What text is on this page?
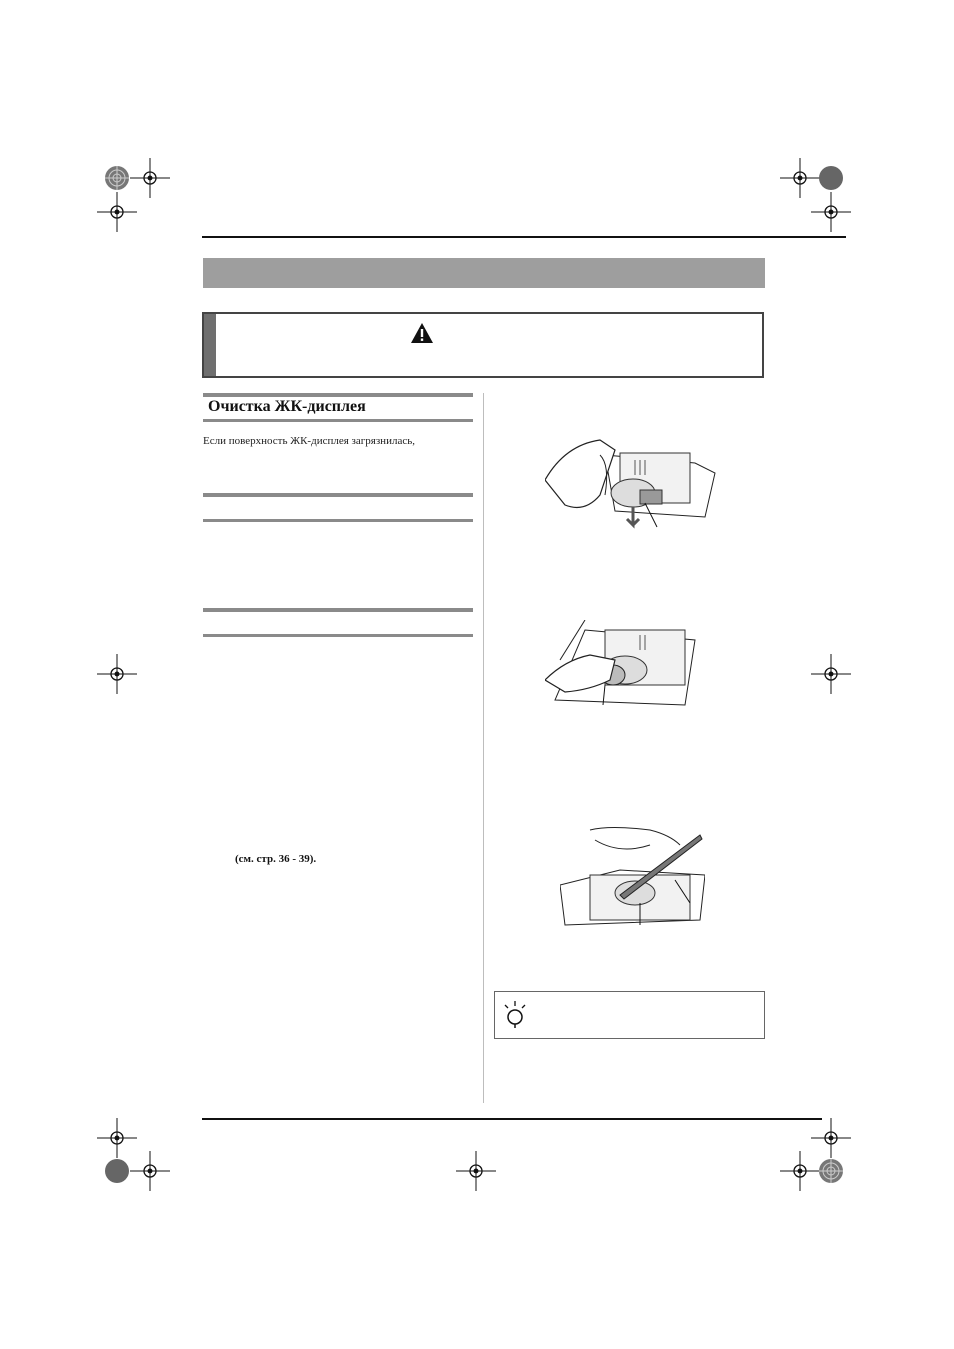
Очистка ЖК-дисплея
Если поверхность ЖК-дисплея загрязнилась,
(см. стр. 36 - 39).
